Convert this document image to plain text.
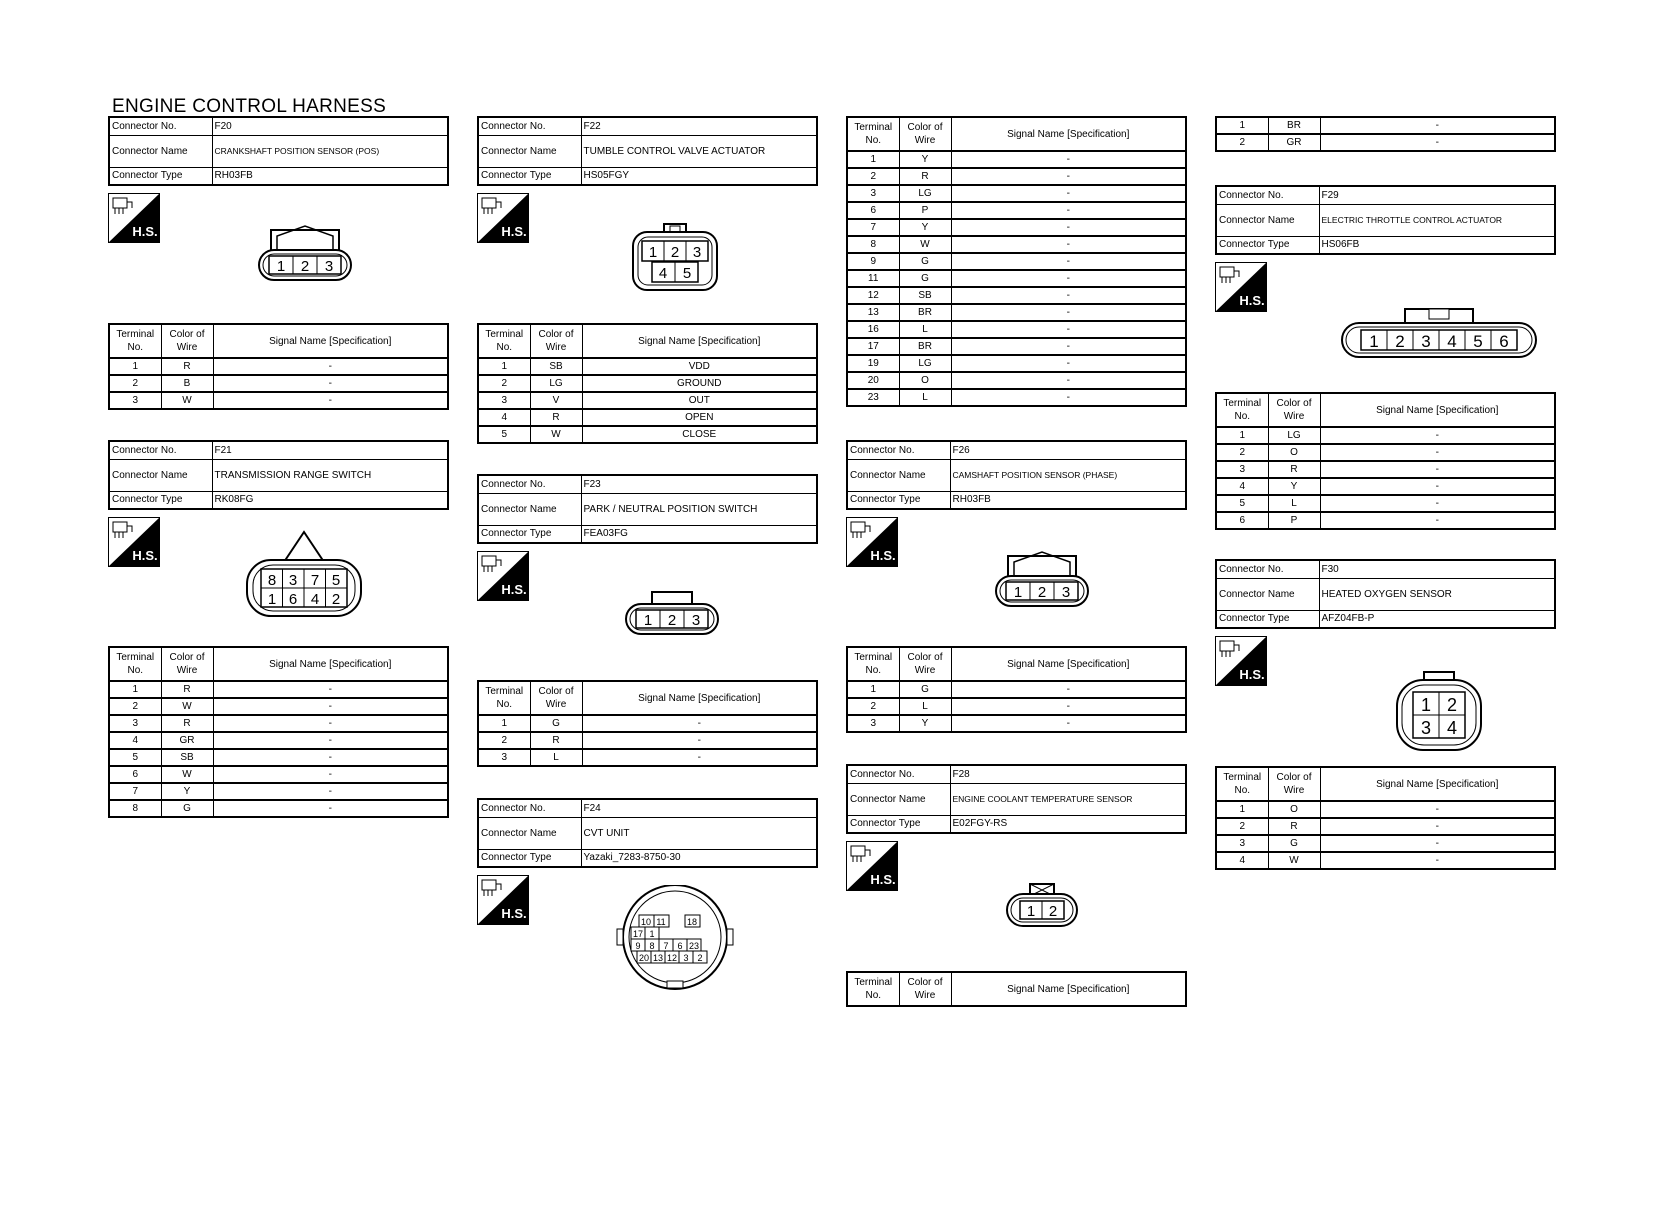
ENGINE CONTROL HARNESS
Connector No.	F20
Connector Name	CRANKSHAFT POSITION SENSOR (POS)
Connector Type	RH03FB
H.S.
1 2 3
Terminal No.	Color of Wire	Signal Name [Specification]
1	R	-
2	B	-
3	W	-
Connector No.	F21
Connector Name	TRANSMISSION RANGE SWITCH
Connector Type	RK08FG
H.S.
8 3 7 5
1 6 4 2
Terminal No.	Color of Wire	Signal Name [Specification]
1	R	-
2	W	-
3	R	-
4	GR	-
5	SB	-
6	W	-
7	Y	-
8	G	-
Connector No.	F22
Connector Name	TUMBLE CONTROL VALVE ACTUATOR
Connector Type	HS05FGY
H.S.
1 2 3
4 5
Terminal No.	Color of Wire	Signal Name [Specification]
1	SB	VDD
2	LG	GROUND
3	V	OUT
4	R	OPEN
5	W	CLOSE
Connector No.	F23
Connector Name	PARK / NEUTRAL POSITION SWITCH
Connector Type	FEA03FG
H.S.
1 2 3
Terminal No.	Color of Wire	Signal Name [Specification]
1	G	-
2	R	-
3	L	-
Connector No.	F24
Connector Name	CVT UNIT
Connector Type	Yazaki_7283-8750-30
H.S.
10 11 18
17 1
9 8 7 6 23
20 13 12 3 2
Terminal No.	Color of Wire	Signal Name [Specification]
1	Y	-
2	R	-
3	LG	-
6	P	-
7	Y	-
8	W	-
9	G	-
11	G	-
12	SB	-
13	BR	-
16	L	-
17	BR	-
19	LG	-
20	O	-
23	L	-
Connector No.	F26
Connector Name	CAMSHAFT POSITION SENSOR (PHASE)
Connector Type	RH03FB
H.S.
1 2 3
Terminal No.	Color of Wire	Signal Name [Specification]
1	G	-
2	L	-
3	Y	-
Connector No.	F28
Connector Name	ENGINE COOLANT TEMPERATURE SENSOR
Connector Type	E02FGY-RS
H.S.
1 2
Terminal No.	Color of Wire	Signal Name [Specification]
1	BR	-
2	GR	-
Connector No.	F29
Connector Name	ELECTRIC THROTTLE CONTROL ACTUATOR
Connector Type	HS06FB
H.S.
1 2 3 4 5 6
Terminal No.	Color of Wire	Signal Name [Specification]
1	LG	-
2	O	-
3	R	-
4	Y	-
5	L	-
6	P	-
Connector No.	F30
Connector Name	HEATED OXYGEN SENSOR
Connector Type	AFZ04FB-P
H.S.
1 2
3 4
Terminal No.	Color of Wire	Signal Name [Specification]
1	O	-
2	R	-
3	G	-
4	W	-
